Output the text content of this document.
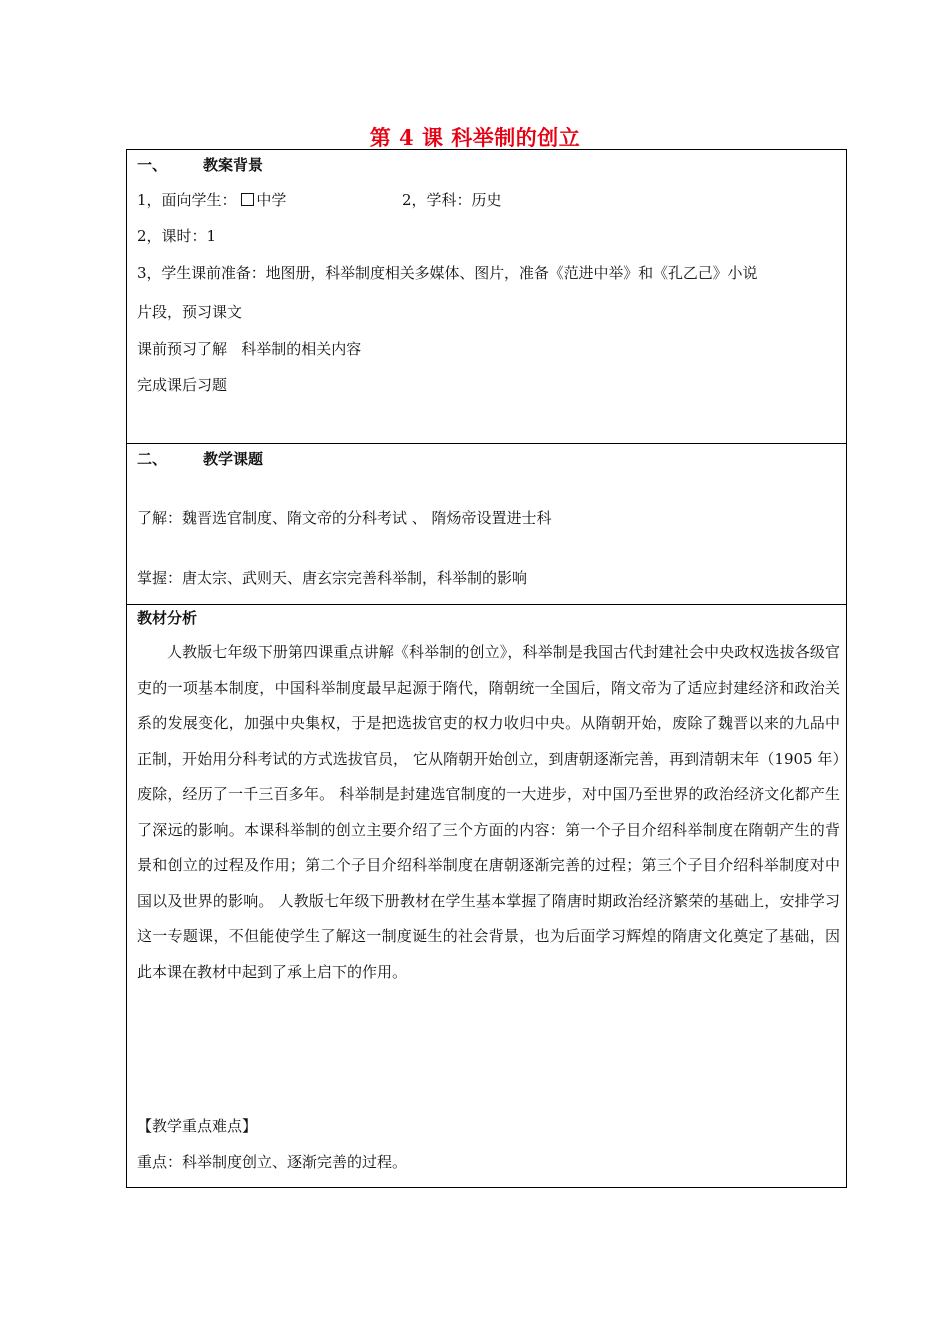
第 4 课 科举制的创立
一、 教案背景
1，面向学生： 中学	2，学科：历史
2，课时：1
3，学生课前准备：地图册，科举制度相关多媒体、图片，准备《范进中举》和《孔乙己》小说
片段，预习课文
课前预习了解   科举制的相关内容
完成课后习题
二、 教学课题
了解：魏晋选官制度、隋文帝的分科考试 、 隋炀帝设置进士科
掌握：唐太宗、武则天、唐玄宗完善科举制，科举制的影响
教材分析
人教版七年级下册第四课重点讲解《科举制的创立》，科举制是我国古代封建社会中央政权选拔各级官吏的一项基本制度，中国科举制度最早起源于隋代，隋朝统一全国后，隋文帝为了适应封建经济和政治关系的发展变化，加强中央集权，于是把选拔官吏的权力收归中央。从隋朝开始，废除了魏晋以来的九品中正制，开始用分科考试的方式选拔官员， 它从隋朝开始创立，到唐朝逐渐完善，再到清朝末年（1905 年）废除，经历了一千三百多年。 科举制是封建选官制度的一大进步，对中国乃至世界的政治经济文化都产生了深远的影响。本课科举制的创立主要介绍了三个方面的内容：第一个子目介绍科举制度在隋朝产生的背景和创立的过程及作用；第二个子目介绍科举制度在唐朝逐渐完善的过程；第三个子目介绍科举制度对中国以及世界的影响。 人教版七年级下册教材在学生基本掌握了隋唐时期政治经济繁荣的基础上，安排学习这一专题课，不但能使学生了解这一制度诞生的社会背景，也为后面学习辉煌的隋唐文化奠定了基础，因此本课在教材中起到了承上启下的作用。
【教学重点难点】
重点：科举制度创立、逐渐完善的过程。
